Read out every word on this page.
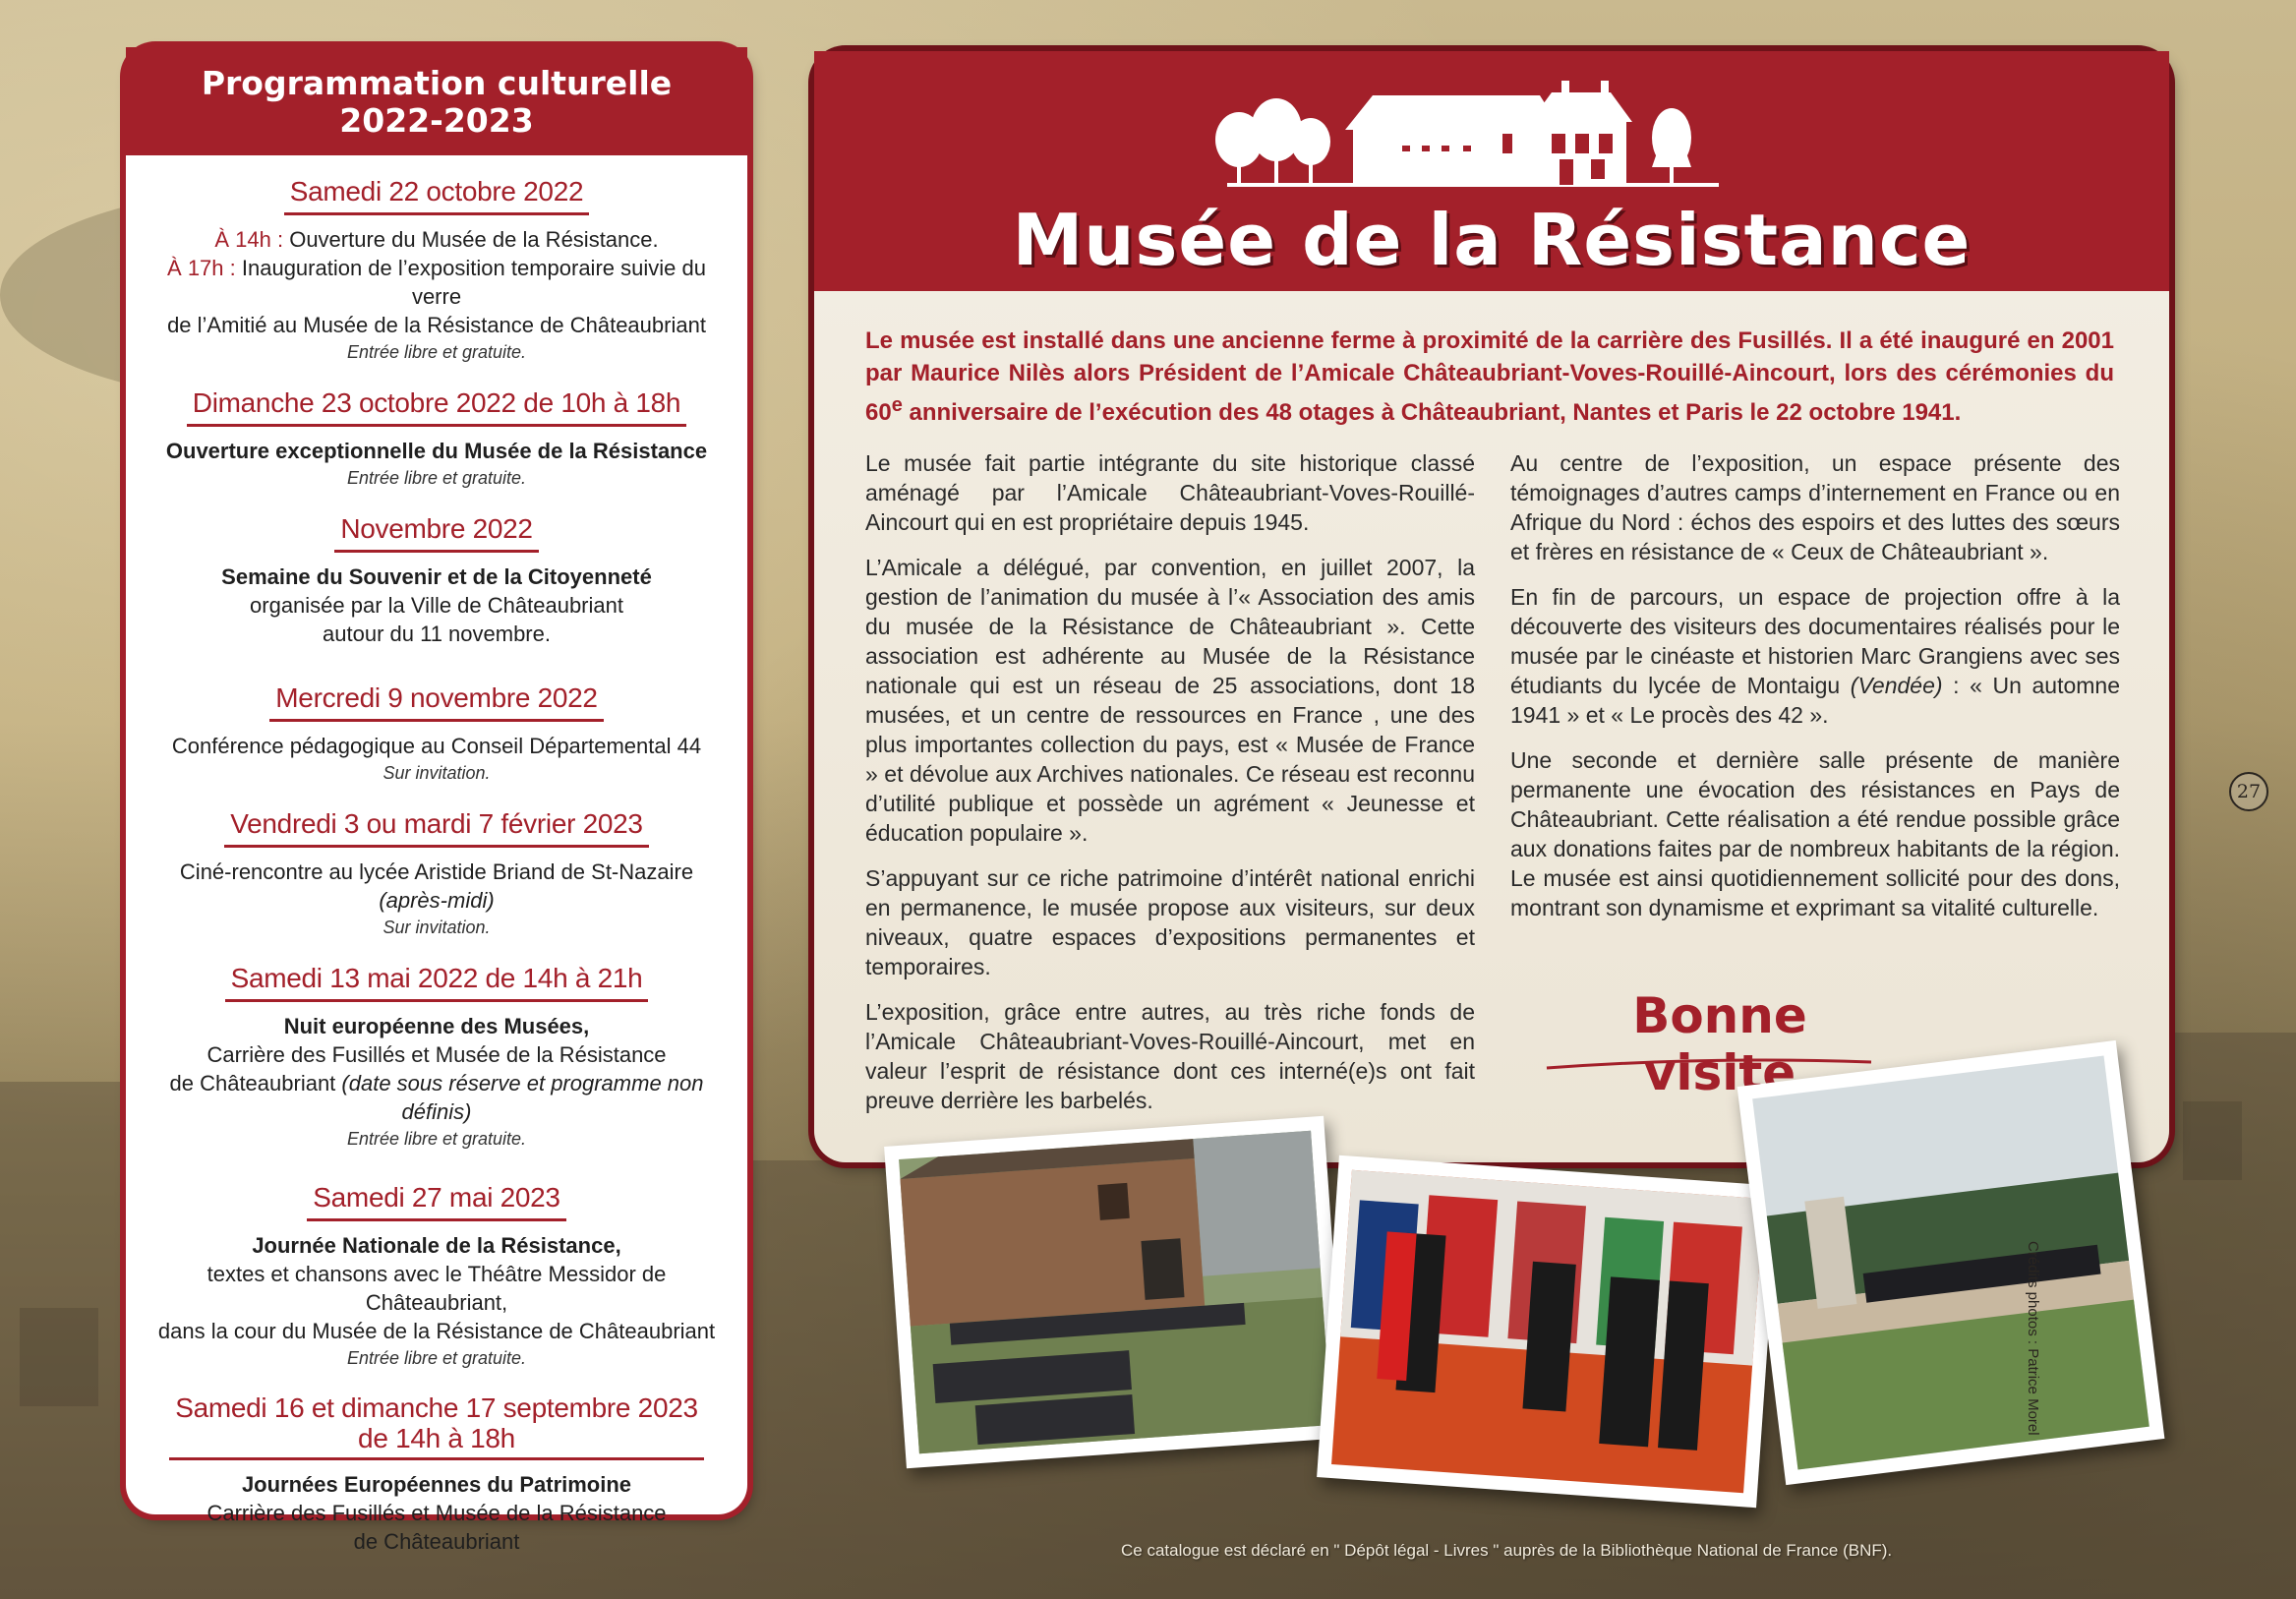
Programmation culturelle
2022-2023
Samedi 22 octobre 2022
À 14h : Ouverture du Musée de la Résistance.
À 17h : Inauguration de l’exposition temporaire suivie du verre
de l’Amitié au Musée de la Résistance de Châteaubriant
Entrée libre et gratuite.
Dimanche 23 octobre 2022 de 10h à 18h
Ouverture exceptionnelle du Musée de la Résistance
Entrée libre et gratuite.
Novembre 2022
Semaine du Souvenir et de la Citoyenneté
organisée par la Ville de Châteaubriant
autour du 11 novembre.
Mercredi 9 novembre 2022
Conférence pédagogique au Conseil Départemental 44
Sur invitation.
Vendredi 3 ou mardi 7 février 2023
Ciné-rencontre au lycée Aristide Briand de St-Nazaire (après-midi)
Sur invitation.
Samedi 13 mai 2022 de 14h à 21h
Nuit européenne des Musées,
Carrière des Fusillés et Musée de la Résistance
de Châteaubriant (date sous réserve et programme non définis)
Entrée libre et gratuite.
Samedi 27 mai 2023
Journée Nationale de la Résistance,
textes et chansons avec le Théâtre Messidor de Châteaubriant,
dans la cour du Musée de la Résistance de Châteaubriant
Entrée libre et gratuite.
Samedi 16 et dimanche 17 septembre 2023
de 14h à 18h
Journées Européennes du Patrimoine
Carrière des Fusillés et Musée de la Résistance
de Châteaubriant
Musée de la Résistance
Le musée est installé dans une ancienne ferme à proximité de la carrière des Fusillés. Il a été inauguré en 2001 par Maurice Nilès alors Président de l’Amicale Châteaubriant-Voves-Rouillé-Aincourt, lors des cérémonies du 60e anniversaire de l’exécution des 48 otages à Châteaubriant, Nantes et Paris le 22 octobre 1941.

Le musée fait partie intégrante du site historique classé aménagé par l’Amicale Châteaubriant-Voves-Rouillé-Aincourt qui en est propriétaire depuis 1945.

L’Amicale a délégué, par convention, en juillet 2007, la gestion de l’animation du musée à l’« Association des amis du musée de la Résistance de Châteaubriant ». Cette association est adhérente au Musée de la Résistance nationale qui est un réseau de 25 associations, dont 18 musées, et un centre de ressources en France , une des plus importantes collection du pays, est « Musée de France » et dévolue aux Archives nationales. Ce réseau est reconnu d’utilité publique et possède un agrément « Jeunesse et éducation populaire ».

S’appuyant sur ce riche patrimoine d’intérêt national enrichi en permanence, le musée propose aux visiteurs, sur deux niveaux, quatre espaces d’expositions permanentes et temporaires.

L’exposition, grâce entre autres, au très riche fonds de l’Amicale Châteaubriant-Voves-Rouillé-Aincourt, met en valeur l’esprit de résistance dont ces interné(e)s ont fait preuve derrière les barbelés.

Au centre de l’exposition, un espace présente des témoignages d’autres camps d’internement en France ou en Afrique du Nord : échos des espoirs et des luttes des sœurs et frères en résistance de « Ceux de Châteaubriant ».

En fin de parcours, un espace de projection offre à la découverte des visiteurs des documentaires réalisés pour le musée par le cinéaste et historien Marc Grangiens avec ses étudiants du lycée de Montaigu (Vendée) : « Un automne 1941 » et « Le procès des 42 ».

Une seconde et dernière salle présente de manière permanente une évocation des résistances en Pays de Châteaubriant. Cette réalisation a été rendue possible grâce aux donations faites par de nombreux habitants de la région. Le musée est ainsi quotidiennement sollicité pour des dons, montrant son dynamisme et exprimant sa vitalité culturelle.

Bonne visite
Crédits photos : Patrice Morel
27
Ce catalogue est déclaré en " Dépôt légal - Livres " auprès de la Bibliothèque National de France (BNF).
